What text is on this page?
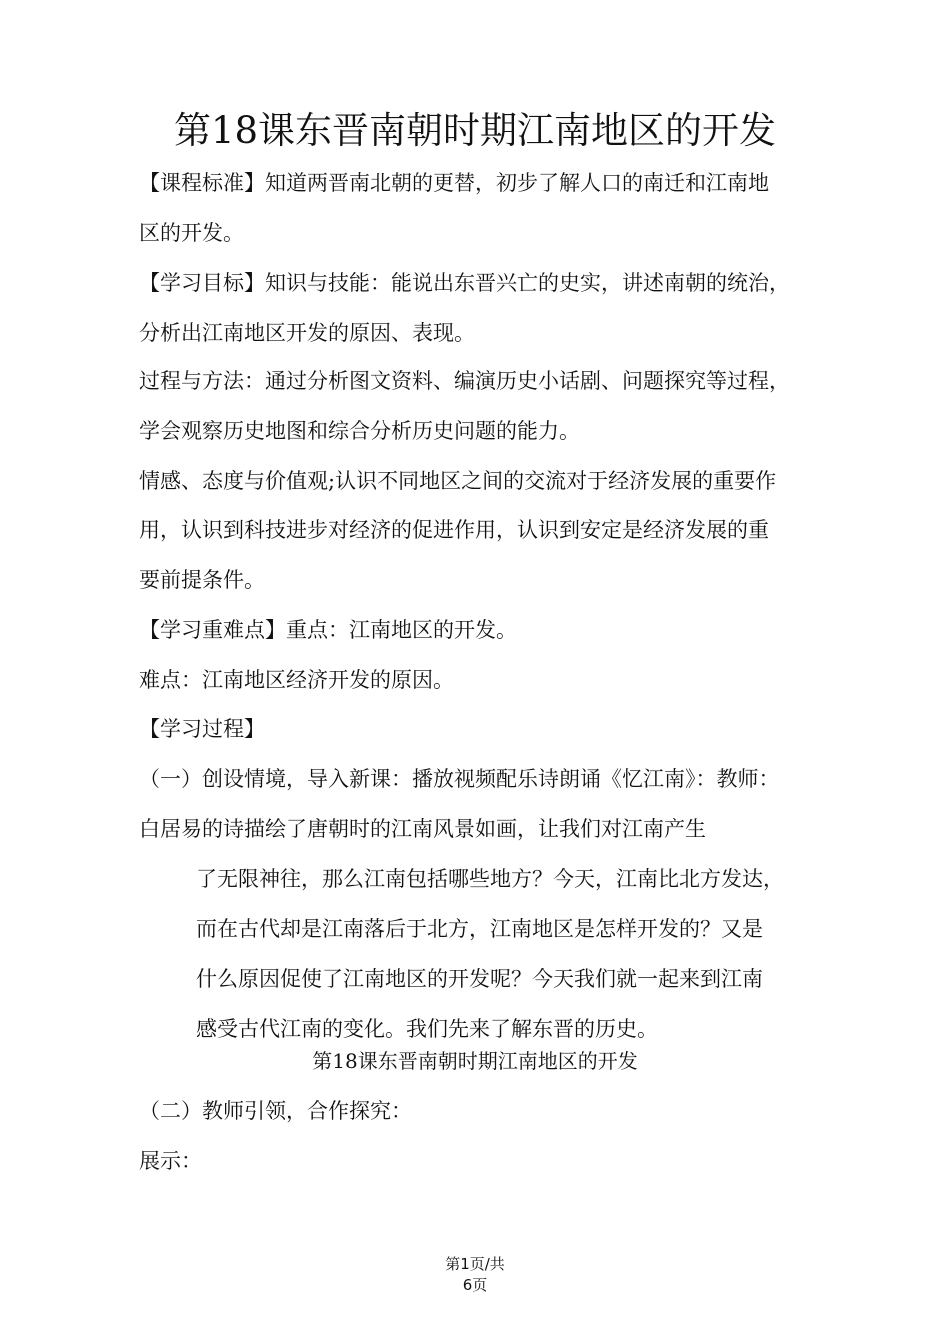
第18课东晋南朝时期江南地区的开发
【课程标准】知道两晋南北朝的更替，初步了解人口的南迁和江南地
区的开发。
【学习目标】知识与技能：能说出东晋兴亡的史实，讲述南朝的统治，
分析出江南地区开发的原因、表现。
过程与方法：通过分析图文资料、编演历史小话剧、问题探究等过程，
学会观察历史地图和综合分析历史问题的能力。
情感、态度与价值观;认识不同地区之间的交流对于经济发展的重要作
用，认识到科技进步对经济的促进作用，认识到安定是经济发展的重
要前提条件。
【学习重难点】重点：江南地区的开发。
难点：江南地区经济开发的原因。
【学习过程】
（一）创设情境，导入新课：播放视频配乐诗朗诵《忆江南》：教师：
白居易的诗描绘了唐朝时的江南风景如画，让我们对江南产生
了无限神往，那么江南包括哪些地方？今天，江南比北方发达，
而在古代却是江南落后于北方，江南地区是怎样开发的？又是
什么原因促使了江南地区的开发呢？今天我们就一起来到江南
感受古代江南的变化。我们先来了解东晋的历史。
第18课东晋南朝时期江南地区的开发
（二）教师引领，合作探究：
展示：
第1页/共
6页
